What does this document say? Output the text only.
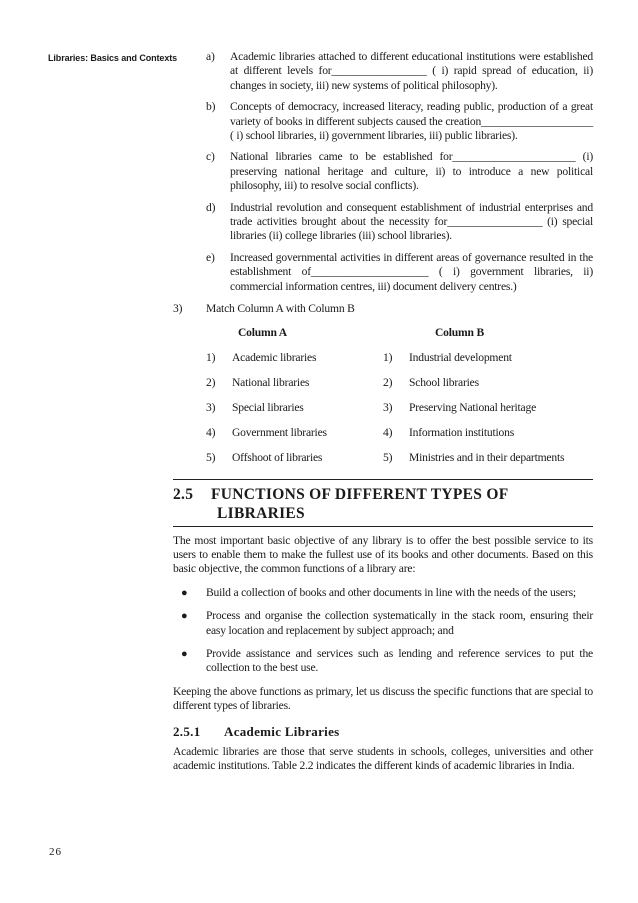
Libraries: Basics and Contexts a) Academic libraries attached to different educational institutions were established at different levels for_________________ ( i) rapid spread of education, ii) changes in society, iii) new systems of political philosophy).
b) Concepts of democracy, increased literacy, reading public, production of a great variety of books in different subjects caused the creation____________________ ( i) school libraries, ii) government libraries, iii) public libraries).
c) National libraries came to be established for______________________ (i) preserving national heritage and culture, ii) to introduce a new political philosophy, iii) to resolve social conflicts).
d) Industrial revolution and consequent establishment of industrial enterprises and trade activities brought about the necessity for_________________ (i) special libraries (ii) college libraries (iii) school libraries).
e) Increased governmental activities in different areas of governance resulted in the establishment of_____________________ ( i) government libraries, ii) commercial information centres, iii) document delivery centres.)
3) Match Column A with Column B
	Column A		Column B
1)	Academic libraries	1)	Industrial development
2)	National libraries	2)	School libraries
3)	Special libraries	3)	Preserving National heritage
4)	Government libraries	4)	Information institutions
5)	Offshoot of libraries	5)	Ministries and in their departments
2.5 FUNCTIONS OF DIFFERENT TYPES OF
LIBRARIES

The most important basic objective of any library is to offer the best possible service to its users to enable them to make the fullest use of its books and other documents. Based on this basic objective, the common functions of a library are:

● Build a collection of books and other documents in line with the needs of the users;
● Process and organise the collection systematically in the stack room, ensuring their easy location and replacement by subject approach; and
● Provide assistance and services such as lending and reference services to put the collection to the best use.

Keeping the above functions as primary, let us discuss the specific functions that are special to different types of libraries.

2.5.1 Academic Libraries

Academic libraries are those that serve students in schools, colleges, universities and other academic institutions. Table 2.2 indicates the different kinds of academic libraries in India.

26
